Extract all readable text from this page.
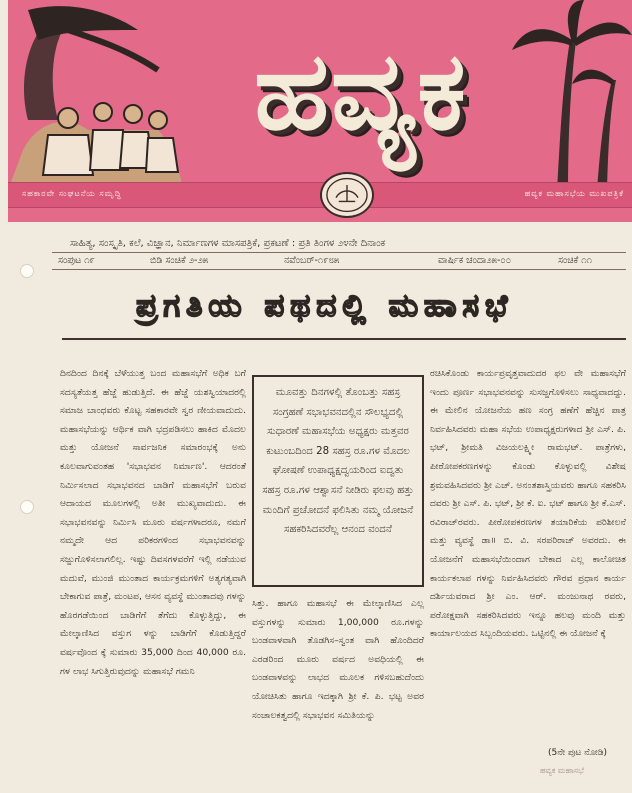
ಹವ್ಯಕ
ಸಹಕಾರವೇ ಸಂಘಟನೆಯ ಸಮೃದ್ಧಿ	ಹವ್ಯಕ ಮಹಾಸಭೆಯ ಮುಖಪತ್ರಿಕೆ
ಸಾಹಿತ್ಯ, ಸಂಸ್ಕೃತಿ, ಕಲೆ, ವಿಜ್ಞಾನ, ನಿರ್ಮಾಣಗಳ ಮಾಸಪತ್ರಿಕೆ, ಪ್ರಕಟಣೆ : ಪ್ರತಿ ತಿಂಗಳ ೨೪ನೇ ದಿನಾಂಕ
ಸಂಪುಟ ೧೯	ಬಿಡಿ ಸಂಚಿಕೆ ೨-೨೫	ನವೆಂಬರ್-೧೯೮೫	ವಾರ್ಷಿಕ ಚಂದಾ೨೫-೦೦	ಸಂಚಿಕೆ ೧೧
ಪ್ರಗತಿಯ ಪಥದಲ್ಲಿ ಮಹಾಸಭೆ

ದಿನದಿಂದ ದಿನಕ್ಕೆ ಬೆಳೆಯುತ್ತ ಬಂದ ಮಹಾಸಭೆಗೆ ಅಧಿಕ ಬಗೆ ಸದಸ್ಯತೆಯತ್ತ ಹೆಜ್ಜೆ ಹುಡುತ್ತಿದೆ. ಈ ಹೆಜ್ಜೆ ಯಶಸ್ವಿಯಾದರಲ್ಲಿ ಸಮಾಜ ಬಾಂಧವರು ಕೊಟ್ಟ ಸಹಕಾರವೇ ಸ್ವರ ಣೀಯವಾದುದು. ಮಹಾಸಭೆಯನ್ನು ಆರ್ಥಿಕ ವಾಗಿ ಭದ್ರಪಡಿಸಲು ಹಾಕಿದ ಮೊದಲ ಮತ್ತು ಯೋಜನೆ ಸಾರ್ವಜನಿಕ ಸಮಾರಂಭಕ್ಕೆ ಅನು ಕೂಲವಾಗುವಂತಹ 'ಸಭಾಭವನ ನಿರ್ಮಾಣ'. ಆದರಂತೆ ನಿರ್ಮಿಸಲಾದ ಸಭಾಭವನದ ಬಾಡಿಗೆ ಮಹಾಸಭೆಗೆ ಬರುವ ಆದಾಯದ ಮೂಲಗಳಲ್ಲಿ ಅತೀ ಮುಖ್ಯವಾದುದು. ಈ ಸಭಾಭವನವನ್ನು ನಿರ್ಮಿಸಿ ಮೂರು ವರ್ಷಗಳಾದರೂ, ನಮಗೆ ನಮ್ಮದೇ ಆದ ಪರಿಕರಗಳಿಂದ ಸಭಾಭವನವನ್ನು ಸಜ್ಜುಗೊಳಿಸಲಾಗಲಿಲ್ಲ. ಇಷ್ಟು ದಿವಸಗಳವರೆಗೆ ಇಲ್ಲಿ ನಡೆಯುವ ಮದುವೆ, ಮುಂಜಿ ಮುಂತಾದ ಕಾರ್ಯಕ್ರಮಗಳಿಗೆ ಅತ್ಯಗತ್ಯವಾಗಿ ಬೇಕಾಗುವ ಪಾತ್ರೆ, ಮಂಟಪ, ಆಸನ ವ್ಯವಸ್ಥೆ ಮುಂತಾದವು ಗಳನ್ನು ಹೊರಗಡೆಯಿಂದ ಬಾಡಿಗೆಗೆ ತೆಗೆದು ಕೊಳ್ಳುತ್ತಿದ್ದು, ಈ ಮೇಲ್ಕಾಣಿಸಿದ ವಸ್ತುಗ ಳನ್ನು ಬಾಡಿಗೆಗೆ ಕೊಡುತ್ತಿದ್ದರೆ ವರ್ಷವೊಂದ ಕ್ಕೆ ಸುಮಾರು 35,000 ದಿಂದ 40,000 ರೂ. ಗಳ ಲಾಭ ಸಿಗುತ್ತಿರುವುದನ್ನು ಮಹಾಸಭೆ ಗಮನಿ

ಮೂವತ್ತು ದಿನಗಳಲ್ಲಿ ತೊಂಬತ್ತು ಸಹಸ್ರ ಸಂಗ್ರಹಣೆ ಸಭಾಭವನದಲ್ಲಿನ ಸೌಲಭ್ಯದಲ್ಲಿ ಸುಧಾರಣೆ ಮಹಾಸಭೆಯ ಅಧ್ಯಕ್ಷರು ಮತ್ತವರ ಕುಟುಂಬದಿಂದ 28 ಸಹಸ್ರ ರೂ.ಗಳ ಮೊದಲ ಘೋಷಣೆ ಉಪಾಧ್ಯಕ್ಷದ್ವಯರಿಂದ ಐದ್ವತು ಸಹಸ್ರ ರೂ.ಗಳ ಆಶ್ವಾಸನೆ ನೀಡಿರು ಫಲವು ಹತ್ತು ಮಂದಿಗೆ ಪ್ರಚೋದನೆ ಫಲಿಸಿತು ನಮ್ಮ ಯೋಜನೆ ಸಹಕರಿಸಿದವರೆಲ್ಲ ಆನಂದ ವಂದನೆ

ಸಿತ್ತು. ಹಾಗೂ ಮಹಾಸಭೆ ಈ ಮೇಲ್ಕಾಣಿಸಿದ ಎಲ್ಲ ವಸ್ತುಗಳನ್ನು ಸುಮಾರು 1,00,000 ರೂ.ಗಳನ್ನು ಬಂಡವಾಳವಾಗಿ ತೊಡಗಿಸ–ಸ್ವಂತ ವಾಗಿ ಹೊಂದಿದರೆ ಎರಡರಿಂದ ಮೂರು ವರ್ಷದ ಅವಧಿಯಲ್ಲಿ ಈ ಬಂಡವಾಳವನ್ನು ಲಾಭದ ಮೂಲಕ ಗಳಿಸಬಹುದೆಂದು ಯೋಚಿಸಿತು ಹಾಗೂ ಇದಕ್ಕಾಗಿ ಶ್ರೀ ಕೆ. ಪಿ. ಭಟ್ಟ ಅವರ ಸಂಚಾಲಕತ್ವದಲ್ಲಿ ಸಭಾಭವನ ಸಮಿತಿಯನ್ನು

ರಚಿಸಿಕೊಂಡು ಕಾರ್ಯಪ್ರವೃತ್ತವಾದುದರ ಫಲ ವೇ ಮಹಾಸಭೆಗೆ ಇಂದು ಪೂರ್ಣ ಸಭಾಭವನವನ್ನು ಸುಸಜ್ಜಗೊಳಿಸಲು ಸಾಧ್ಯವಾದದ್ದು. ಈ ಮೇಲಿನ ಯೋಜನೆಯ ಹಣ ಸಂಗ್ರ ಹಣೆಗೆ ಹೆಚ್ಚಿನ ಪಾತ್ರ ನಿರ್ವಹಿಸಿದವರು ಮಹಾ ಸಭೆಯ ಉಪಾಧ್ಯಕ್ಷರುಗಳಾದ ಶ್ರೀ ಎಸ್. ಪಿ. ಭಟ್, ಶ್ರೀಮತಿ ವಿಜಯಲಕ್ಷ್ಮೀ ರಾಮಭಟ್. ಪಾತ್ರೆಗಳು, ಪೀಠೋಪಕರಣಗಳನ್ನು ಕೊಂಡು ಕೊಳ್ಳುವಲ್ಲಿ ವಿಶೇಷ ಶ್ರಮವಹಿಸಿದವರು ಶ್ರೀ ಎಚ್. ಅನಂತಶಾಸ್ತ್ರಿಯವರು ಹಾಗೂ ಸಹಕರಿಸಿ ದವರು ಶ್ರೀ ಎಸ್. ಪಿ. ಭಟ್, ಶ್ರೀ ಕೆ. ಐ. ಭಟ್ ಹಾಗೂ ಶ್ರೀ ಕೆ.ಎಸ್. ರವಿರಾಜ್‌ರವರು. ಪೀಠೋಪಕರಣಗಳ ತಯಾರಿಕೆಯ ಪರಿಶೀಲನೆ ಮತ್ತು ವ್ಯವಸ್ಥೆ ಡಾ॥ ಬಿ. ವಿ. ಸರಪರಿರಾಜ್ ಅವರದು. ಈ ಯೋಜನೆಗೆ ಮಹಾಸಭೆಯಿಂದಾಗ ಬೇಕಾದ ಎಲ್ಲ ಕಾಲೋಚಿತ ಕಾರ್ಯಕಲಾಪ ಗಳನ್ನು ನಿರ್ವಹಿಸಿದವರು ಗೌರವ ಪ್ರಧಾನ ಕಾರ್ಯ ದರ್ಶಿಯವರಾದ ಶ್ರೀ ಎಂ. ಆರ್. ಮಂಜುನಾಥ ರವರು, ಪರೋಕ್ಷವಾಗಿ ಸಹಕರಿಸಿದವರು ಇನ್ನೂ ಹಲವು ಮಂದಿ ಮತ್ತು ಕಾರ್ಯಾಲಯದ ಸಿಬ್ಬಂದಿಯವರು. ಒಟ್ಟಿನಲ್ಲಿ ಈ ಯೋಜನೆ ಕ್ಕೆ

(5ನೇ ಪುಟ ನೋಡಿ)
ಹವ್ಯಕ ಮಹಾಸಭೆ
